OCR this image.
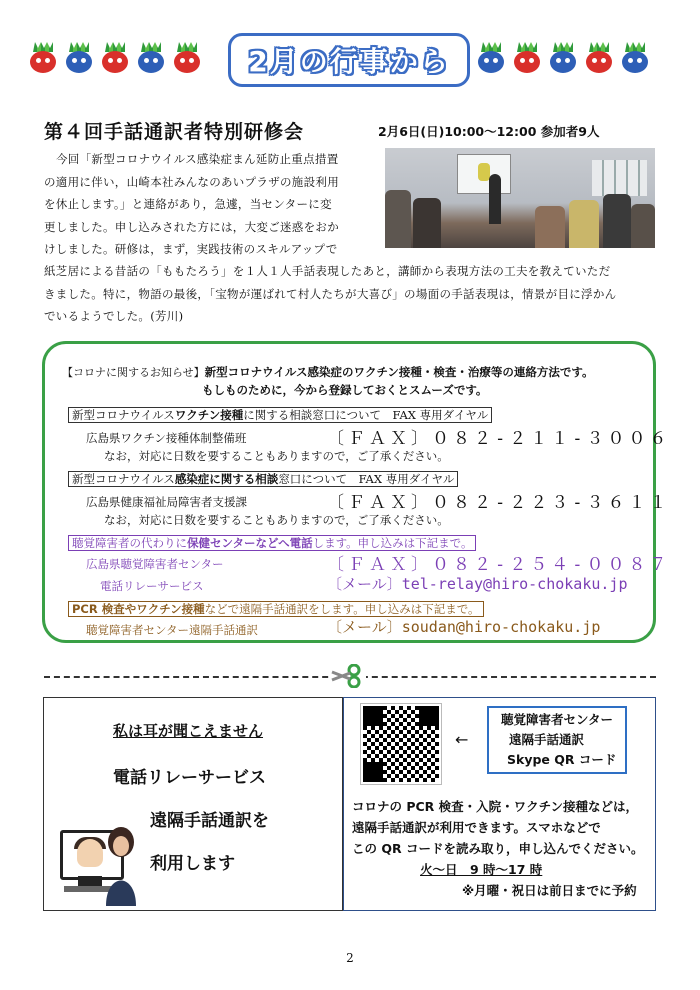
2月の行事から
第４回手話通訳者特別研修会	2月6日(日)10:00～12:00 参加者9人
今回「新型コロナウイルス感染症まん延防止重点措置
の適用に伴い，山崎本社みんなのあいプラザの施設利用
を休止します。」と連絡があり，急遽，当センターに変
更しました。申し込みされた方には，大変ご迷惑をおか
けしました。研修は，まず，実践技術のスキルアップで
紙芝居による昔話の「ももたろう」を１人１人手話表現したあと，講師から表現方法の工夫を教えていただ
きました。特に，物語の最後，「宝物が運ばれて村人たちが大喜び」の場面の手話表現は，情景が目に浮かん
でいるようでした。(芳川)
【コロナに関するお知らせ】新型コロナウイルス感染症のワクチン接種・検査・治療等の連絡方法です。
もしものために，今から登録しておくとスムーズです。
新型コロナウイルスワクチン接種に関する相談窓口について　FAX 専用ダイヤル
広島県ワクチン接種体制整備班	〔ＦＡＸ〕０８２-２１１-３００６
なお，対応に日数を要することもありますので，ご了承ください。
新型コロナウイルス感染症に関する相談窓口について　FAX 専用ダイヤル
広島県健康福祉局障害者支援課	〔ＦＡＸ〕０８２-２２３-３６１１
なお，対応に日数を要することもありますので，ご了承ください。
聴覚障害者の代わりに保健センターなどへ電話します。申し込みは下記まで。
広島県聴覚障害者センター	〔ＦＡＸ〕０８２-２５４-００８７
電話リレーサービス	〔メール〕tel-relay@hiro-chokaku.jp
PCR 検査やワクチン接種などで遠隔手話通訳をします。申し込みは下記まで。
聴覚障害者センター遠隔手話通訳	〔メール〕soudan@hiro-chokaku.jp
私は耳が聞こえません
電話リレーサービス
遠隔手話通訳を
利用します
←
聴覚障害者センター
遠隔手話通訳
Skype QR コード
コロナの PCR 検査・入院・ワクチン接種などは，
遠隔手話通訳が利用できます。スマホなどで
この QR コードを読み取り，申し込んでください。
火～日　9 時～17 時
※月曜・祝日は前日までに予約
2
